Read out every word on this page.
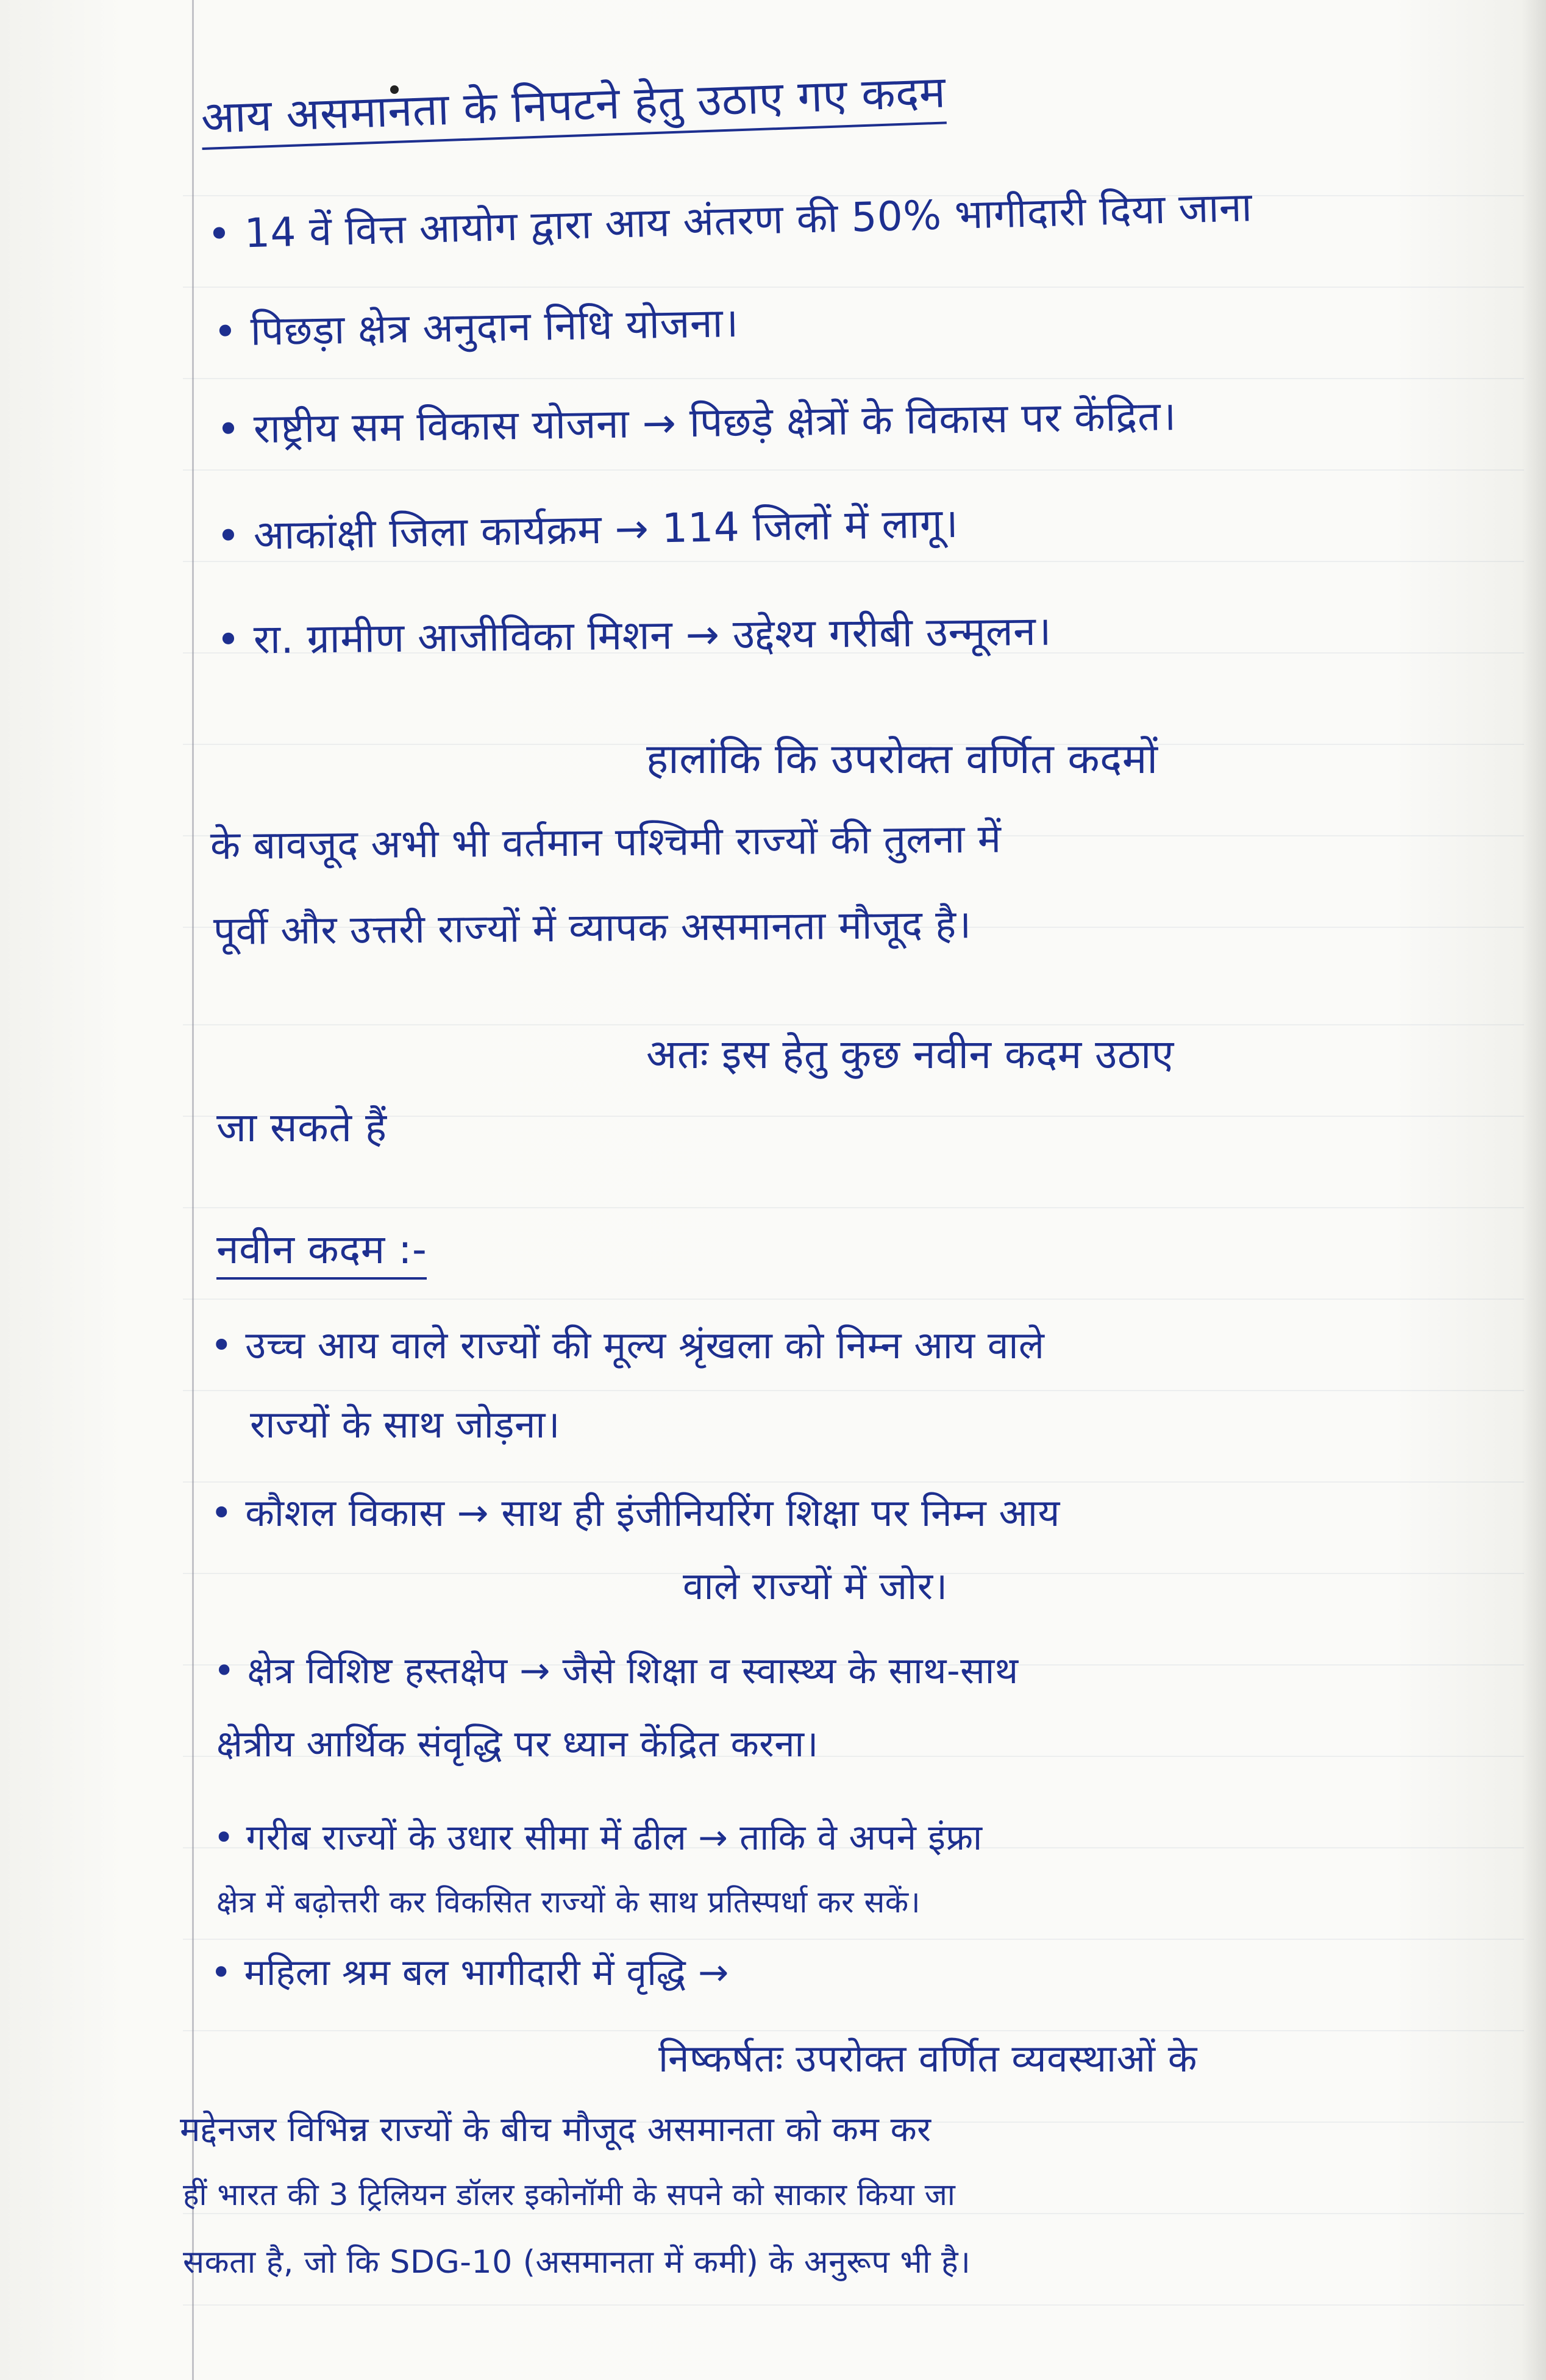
आय असमानता के निपटने हेतु उठाए गए कदम
• 14 वें वित्त आयोग द्वारा आय अंतरण की 50% भागीदारी दिया जाना
• पिछड़ा क्षेत्र अनुदान निधि योजना।
• राष्ट्रीय सम विकास योजना → पिछड़े क्षेत्रों के विकास पर केंद्रित।
• आकांक्षी जिला कार्यक्रम → 114 जिलों में लागू।
• रा. ग्रामीण आजीविका मिशन → उद्देश्य गरीबी उन्मूलन।
हालांकि कि उपरोक्त वर्णित कदमों
के बावजूद अभी भी वर्तमान पश्चिमी राज्यों की तुलना में
पूर्वी और उत्तरी राज्यों में व्यापक असमानता मौजूद है।
अतः इस हेतु कुछ नवीन कदम उठाए
जा सकते हैं
नवीन कदम :-
• उच्च आय वाले राज्यों की मूल्य श्रृंखला को निम्न आय वाले
राज्यों के साथ जोड़ना।
• कौशल विकास → साथ ही इंजीनियरिंग शिक्षा पर निम्न आय
वाले राज्यों में जोर।
• क्षेत्र विशिष्ट हस्तक्षेप → जैसे शिक्षा व स्वास्थ्य के साथ-साथ
क्षेत्रीय आर्थिक संवृद्धि पर ध्यान केंद्रित करना।
• गरीब राज्यों के उधार सीमा में ढील → ताकि वे अपने इंफ्रा
क्षेत्र में बढ़ोत्तरी कर विकसित राज्यों के साथ प्रतिस्पर्धा कर सकें।
• महिला श्रम बल भागीदारी में वृद्धि →
निष्कर्षतः उपरोक्त वर्णित व्यवस्थाओं के
मद्देनजर विभिन्न राज्यों के बीच मौजूद असमानता को कम कर
हीं भारत की 3 ट्रिलियन डॉलर इकोनॉमी के सपने को साकार किया जा
सकता है, जो कि SDG-10 (असमानता में कमी) के अनुरूप भी है।
